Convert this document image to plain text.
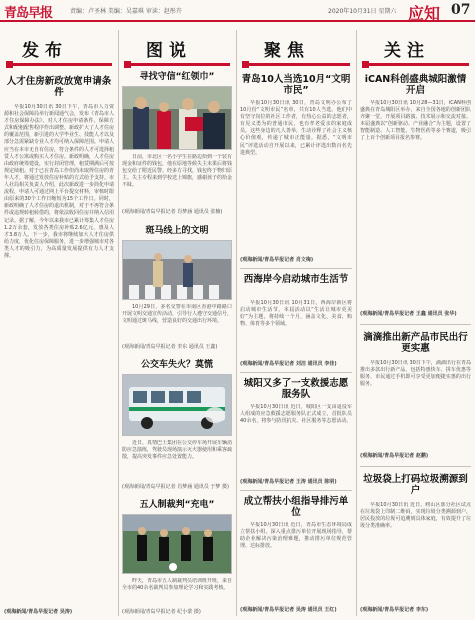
青岛早报	责编：卢圣林 美编：吴嘉琪 审读：赵彤卉	2020年10月31日 星期六 应知 07
发布
人才住房新政放宽申请条件

早报10月30日讯 30日下午，青岛市人力资源和社会保障局举行新闻通气会，发布《青岛市人才住房保障办法》，对人才住房申请条件、保障方式和配租配售程序作出调整。新政扩大了人才住房的覆盖范围，新引进的大学毕业生、技能人才以及部分急需紧缺专业人才均可纳入保障范围。申请人应当在本市无自有住房，符合条件的人才可选择租赁人才公寓或购买人才住房。新政明确，人才住房由政府统筹建设，实行封闭管理，租赁期满后可按规定续租。对于已在青岛工作但尚未取得住房的青年人才，将通过发放住房补贴的方式给予支持。市人社局相关负责人介绍，此次新政进一步简化申请流程，申请人可通过网上平台提交材料，审核时限由原来的30个工作日缩短为15个工作日。同时，新政明确了人才住房的退出机制，对于不再符合条件或违规转租转借的，将依法收回住房并纳入信用记录。据了解，今年以来我市已累计筹集人才住房1.2万余套，发放各类住房补贴2.6亿元，惠及人才3.8万人。下一步，我市将继续加大人才住房供给力度，优化住房保障服务，进一步增强城市对各类人才的吸引力，为高质量发展提供有力人才支撑。

(观海新闻/青岛早报记者 吴涛)
图说
寻找守信“红领巾”

日前，市北区一名小学生在路边拾到一个装有现金和证件的钱包，他在原地等候失主未果后将钱包交给了附近民警。经多方寻找，钱包终于物归原主。失主专程来到学校送上锦旗，感谢孩子的拾金不昧。

(观海新闻/青岛早报记者 肖梦涵 通讯员 张楠)
斑马线上的文明

10月29日，多名交警在市南区香港中路路口开展文明交通宣传活动，引导行人遵守交通信号，文明通过斑马线，营造良好的交通出行环境。

(观海新闻/青岛早报记者 李东 通讯员 王鑫)
公交车失火？莫慌

近日，真情巴士集团在公交停车场开展车辆消防应急演练，驾驶员现场演示灭火器使用和乘客疏散，提高突发事件应急处置能力。

(观海新闻/青岛早报记者 肖梦涵 通讯员 于梦 摄)
五人制裁判“充电”

昨天，青岛市五人制裁判员培训班开班，来自全市的40余名裁判员参加理论学习和实践考核。

(观海新闻/青岛早报记者 纪小蒙 摄)
聚焦
青岛10人当选10月“文明市民”

早报10月30日讯 30日，青岛文明办公布了10月份“文明市民”名单，共有10人当选。他们中有坚守岗位的社区工作者，有热心公益的志愿者，有见义勇为的普通市民，也有孝老爱亲的家庭成员。这些身边的凡人善举，生动诠释了社会主义核心价值观，传递了城市正能量。据悉，“文明市民”评选活动自开展以来，已累计评选出数百名先进典型。

(观海新闻/青岛早报记者 肖文梅)
西海岸今启动城市生活节

早报10月30日讯 10月31日，西海岸新区将启动城市生活节，本届活动以“生活让城市更美好”为主题，将持续一个月，涵盖文化、美食、购物、体育等多个领域。

(观海新闻/青岛早报记者 刘洁 通讯员 李佳)
城阳又多了一支救援志愿服务队

早报10月30日讯 近日，城阳区一支由退役军人组成的应急救援志愿服务队正式成立，首批队员40余名，将参与防汛抗灾、社区服务等志愿活动。

(观海新闻/青岛早报记者 王涛 通讯员 陈明)
成立帮扶小组指导排污单位

早报10月30日讯 近日，青岛市生态环境局成立帮扶小组，深入重点排污单位开展现场指导，帮助企业解决污染治理难题，推动排污单位规范管理、达标排放。

(观海新闻/青岛早报记者 吴涛 通讯员 王红)
关注
iCAN科创盛典城阳激情开启

早报10月30日讯 10月28—31日，iCAN科创盛典在青岛城阳区举办，来自全国各地的创新团队齐聚一堂，开展项目路演、技术展示和交流对接。本届盛典以“创新驱动、产业融合”为主题，设置了智能制造、人工智能、生物医药等多个赛道，吸引了上百个创新项目报名参赛。

(观海新闻/青岛早报记者 王鑫 通讯员 张华)
滴滴推出新产品市民出行更实惠

早报10月30日讯 30日下午，滴滴出行在青岛推出多款出行新产品，包括特惠快车、拼车优惠等服务，市民通过手机即可享受更加便捷实惠的出行服务。

(观海新闻/青岛早报记者 赵鹏)
垃圾袋上打码垃圾溯源到户

早报10月30日讯 近日，崂山区部分社区试点在垃圾袋上印制二维码，实现垃圾分类溯源到户，居民投放的垃圾可追溯到具体家庭，有效提升了垃圾分类准确率。

(观海新闻/青岛早报记者 李东)
